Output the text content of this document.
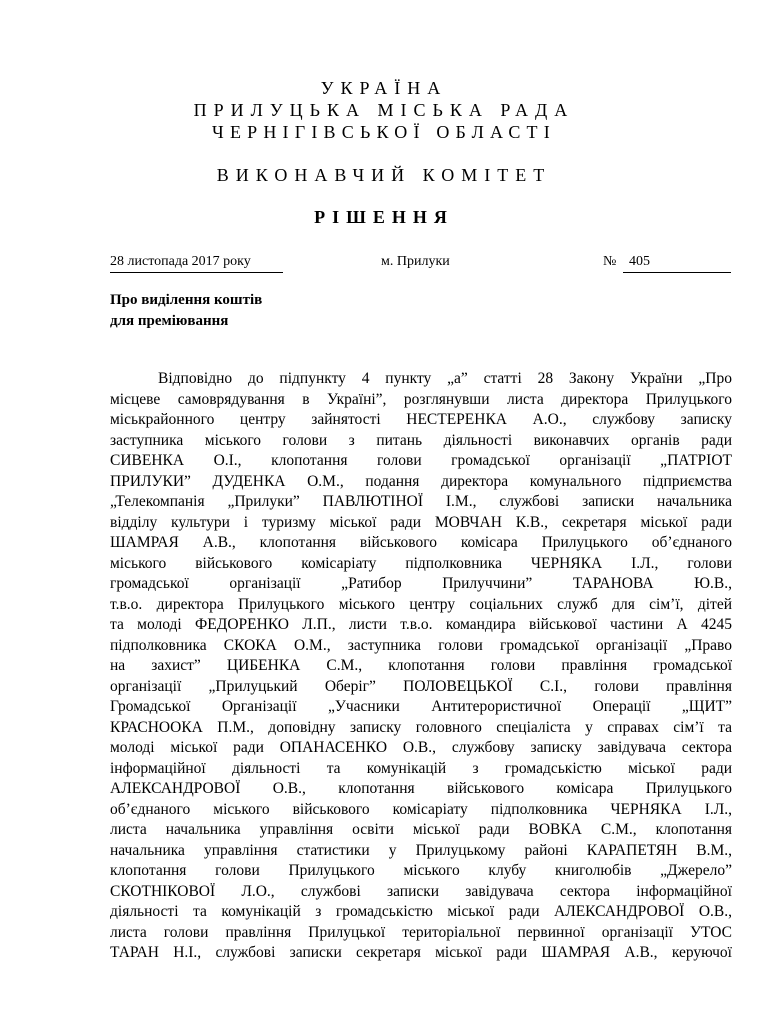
УКРАЇНА
ПРИЛУЦЬКА МІСЬКА РАДА
ЧЕРНІГІВСЬКОЇ ОБЛАСТІ
ВИКОНАВЧИЙ КОМІТЕТ
РІШЕННЯ
28 листопада 2017 року	м. Прилуки	№ 405
Про виділення коштів
для преміювання
Відповідно до підпункту 4 пункту „а” статті 28 Закону України „Про
місцеве самоврядування в Україні”, розглянувши листа директора Прилуцького
міськрайонного центру зайнятості НЕСТЕРЕНКА А.О., службову записку
заступника міського голови з питань діяльності виконавчих органів ради
СИВЕНКА О.І., клопотання голови громадської організації „ПАТРІОТ
ПРИЛУКИ” ДУДЕНКА О.М., подання директора комунального підприємства
„Телекомпанія „Прилуки” ПАВЛЮТІНОЇ І.М., службові записки начальника
відділу культури і туризму міської ради МОВЧАН К.В., секретаря міської ради
ШАМРАЯ А.В., клопотання військового комісара Прилуцького об’єднаного
міського військового комісаріату підполковника ЧЕРНЯКА І.Л., голови
громадської організації „Ратибор Прилуччини” ТАРАНОВА Ю.В.,
т.в.о. директора Прилуцького міського центру соціальних служб для сім’ї, дітей
та молоді ФЕДОРЕНКО Л.П., листи т.в.о. командира військової частини А 4245
підполковника СКОКА О.М., заступника голови громадської організації „Право
на захист” ЦИБЕНКА С.М., клопотання голови правління громадської
організації „Прилуцький Оберіг” ПОЛОВЕЦЬКОЇ С.І., голови правління
Громадської Організації „Учасники Антитерористичної Операції „ЩИТ”
КРАСНООКА П.М., доповідну записку головного спеціаліста у справах сім’ї та
молоді міської ради ОПАНАСЕНКО О.В., службову записку завідувача сектора
інформаційної діяльності та комунікацій з громадськістю міської ради
АЛЕКСАНДРОВОЇ О.В., клопотання військового комісара Прилуцького
об’єднаного міського військового комісаріату підполковника ЧЕРНЯКА І.Л.,
листа начальника управління освіти міської ради ВОВКА С.М., клопотання
начальника управління статистики у Прилуцькому районі КАРАПЕТЯН В.М.,
клопотання голови Прилуцького міського клубу книголюбів „Джерело”
СКОТНІКОВОЇ Л.О., службові записки завідувача сектора інформаційної
діяльності та комунікацій з громадськістю міської ради АЛЕКСАНДРОВОЇ О.В.,
листа голови правління Прилуцької територіальної первинної організації УТОС
ТАРАН Н.І., службові записки секретаря міської ради ШАМРАЯ А.В., керуючої
